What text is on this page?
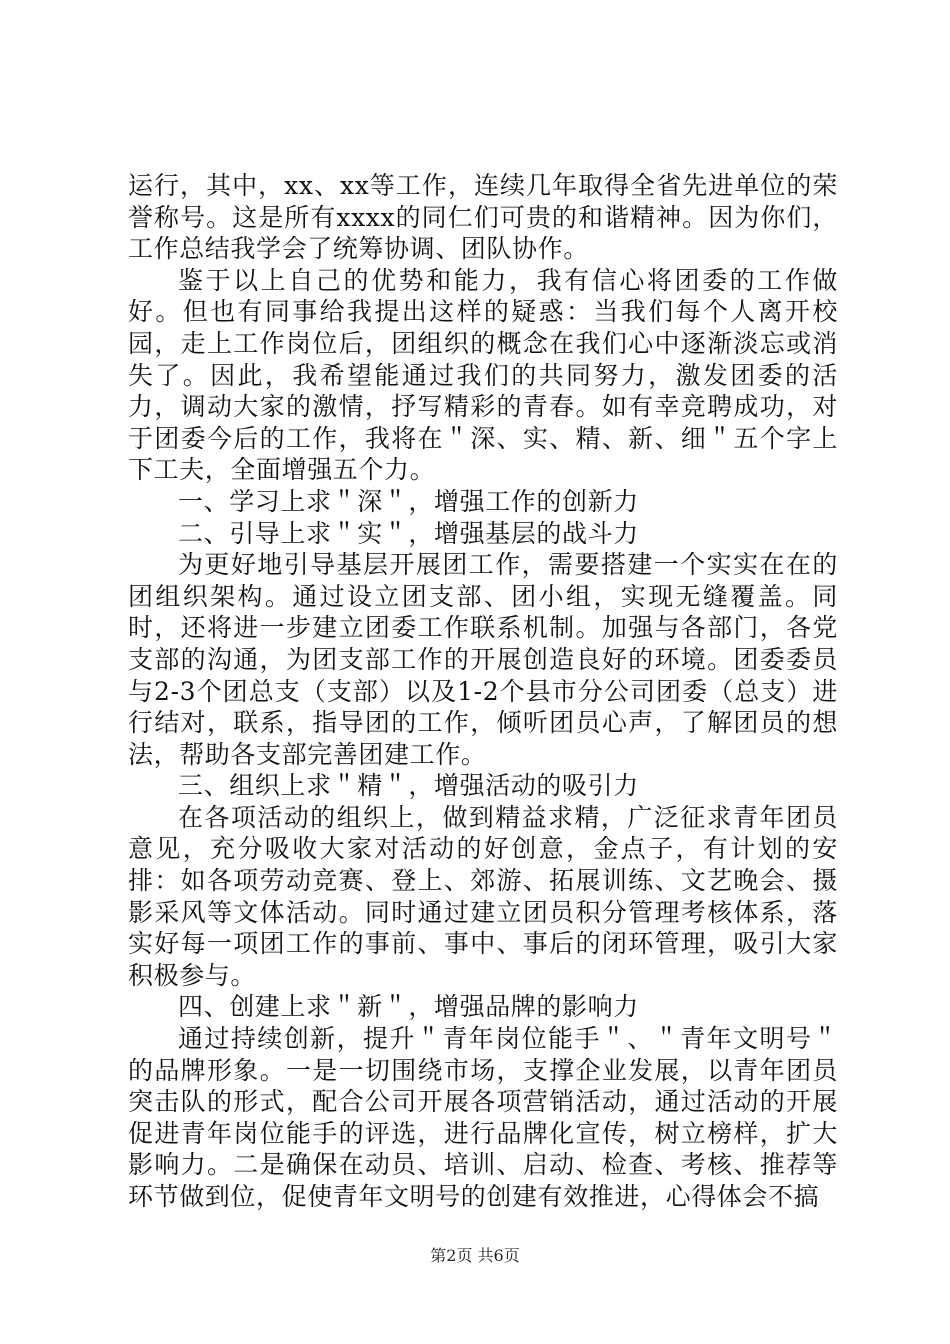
运行，其中，xx、xx等工作，连续几年取得全省先进单位的荣誉称号。这是所有xxxx的同仁们可贵的和谐精神。因为你们，工作总结我学会了统筹协调、团队协作。

鉴于以上自己的优势和能力，我有信心将团委的工作做好。但也有同事给我提出这样的疑惑：当我们每个人离开校园，走上工作岗位后，团组织的概念在我们心中逐渐淡忘或消失了。因此，我希望能通过我们的共同努力，激发团委的活力，调动大家的激情，抒写精彩的青春。如有幸竞聘成功，对于团委今后的工作，我将在＂深、实、精、新、细＂五个字上下工夫，全面增强五个力。

一、学习上求＂深＂，增强工作的创新力

二、引导上求＂实＂，增强基层的战斗力

为更好地引导基层开展团工作，需要搭建一个实实在在的团组织架构。通过设立团支部、团小组，实现无缝覆盖。同时，还将进一步建立团委工作联系机制。加强与各部门，各党支部的沟通，为团支部工作的开展创造良好的环境。团委委员与2-3个团总支（支部）以及1-2个县市分公司团委（总支）进行结对，联系，指导团的工作，倾听团员心声，了解团员的想法，帮助各支部完善团建工作。

三、组织上求＂精＂，增强活动的吸引力

在各项活动的组织上，做到精益求精，广泛征求青年团员意见，充分吸收大家对活动的好创意，金点子，有计划的安排：如各项劳动竞赛、登上、郊游、拓展训练、文艺晚会、摄影采风等文体活动。同时通过建立团员积分管理考核体系，落实好每一项团工作的事前、事中、事后的闭环管理，吸引大家积极参与。

四、创建上求＂新＂，增强品牌的影响力

通过持续创新，提升＂青年岗位能手＂、＂青年文明号＂的品牌形象。一是一切围绕市场，支撑企业发展，以青年团员突击队的形式，配合公司开展各项营销活动，通过活动的开展促进青年岗位能手的评选，进行品牌化宣传，树立榜样，扩大影响力。二是确保在动员、培训、启动、检查、考核、推荐等环节做到位，促使青年文明号的创建有效推进，心得体会不搞

第2页 共6页
